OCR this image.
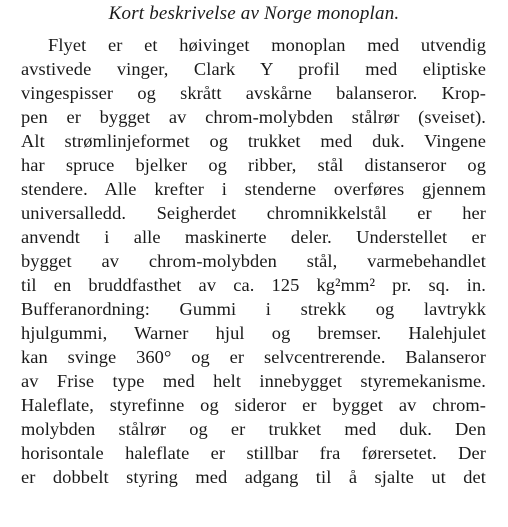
Kort beskrivelse av Norge monoplan.
Flyet er et høivinget monoplan med utvendig
avstivede vinger, Clark Y profil med eliptiske
vingespisser og skrått avskårne balanseror. Krop-
pen er bygget av chrom-molybden stålrør (sveiset).
Alt strømlinjeformet og trukket med duk. Vingene
har spruce bjelker og ribber, stål distanseror og
stendere. Alle krefter i stenderne overføres gjennem
universalledd. Seigherdet chromnikkelstål er her
anvendt i alle maskinerte deler. Understellet er
bygget av chrom-molybden stål, varmebehandlet
til en bruddfasthet av ca. 125 kg²mm² pr. sq. in.
Bufferanordning: Gummi i strekk og lavtrykk
hjulgummi, Warner hjul og bremser. Halehjulet
kan svinge 360° og er selvcentrerende. Balanseror
av Frise type med helt innebygget styremekanisme.
Haleflate, styrefinne og sideror er bygget av chrom-
molybden stålrør og er trukket med duk. Den
horisontale haleflate er stillbar fra førersetet. Der
er dobbelt styring med adgang til å sjalte ut det
